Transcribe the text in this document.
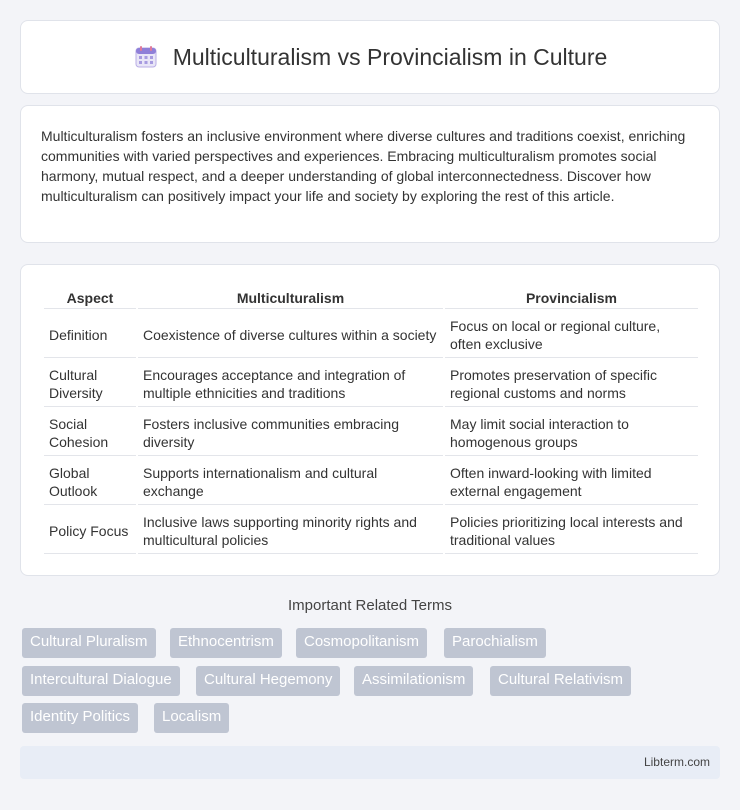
Multiculturalism vs Provincialism in Culture

Multiculturalism fosters an inclusive environment where diverse cultures and traditions coexist, enriching communities with varied perspectives and experiences. Embracing multiculturalism promotes social harmony, mutual respect, and a deeper understanding of global interconnectedness. Discover how multiculturalism can positively impact your life and society by exploring the rest of this article.

Aspect	Multiculturalism	Provincialism
Definition	Coexistence of diverse cultures within a society	Focus on local or regional culture, often exclusive
Cultural Diversity	Encourages acceptance and integration of multiple ethnicities and traditions	Promotes preservation of specific regional customs and norms
Social Cohesion	Fosters inclusive communities embracing diversity	May limit social interaction to homogenous groups
Global Outlook	Supports internationalism and cultural exchange	Often inward-looking with limited external engagement
Policy Focus	Inclusive laws supporting minority rights and multicultural policies	Policies prioritizing local interests and traditional values
Important Related Terms
Cultural Pluralism	Ethnocentrism	Cosmopolitanism	Parochialism
Intercultural Dialogue	Cultural Hegemony	Assimilationism	Cultural Relativism
Identity Politics	Localism
Libterm.com
